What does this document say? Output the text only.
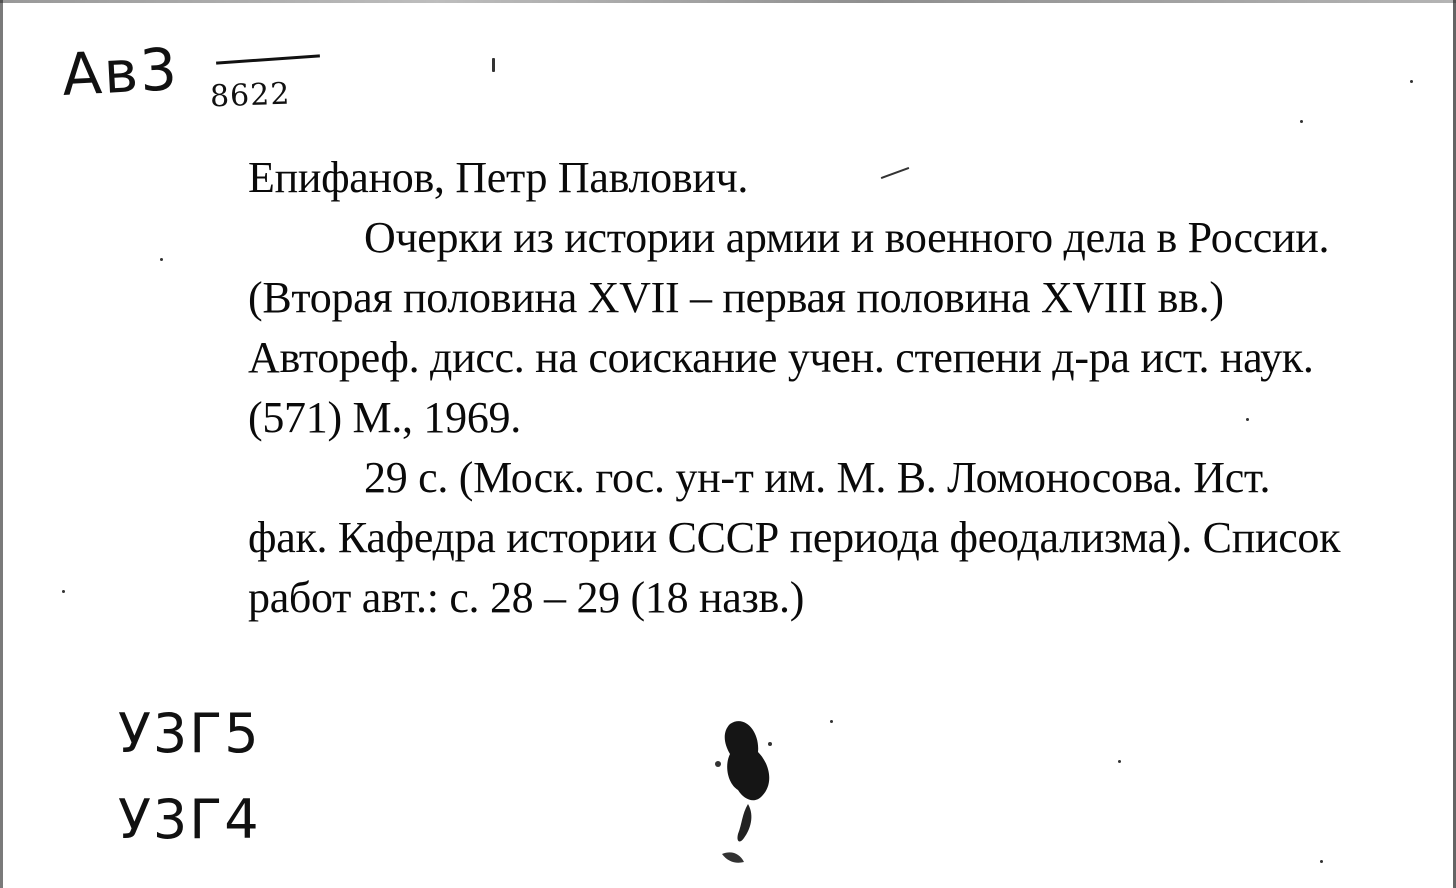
Ав3 8622

Епифанов, Петр Павлович.

Очерки из истории армии и военного дела в России. (Вторая половина XVII – первая половина XVIII вв.) Автореф. дисс. на соискание учен. степени д-ра ист. наук. (571) М., 1969.

29 с. (Моск. гос. ун-т им. М. В. Ломоносова. Ист. фак. Кафедра истории СССР периода феодализма). Список работ авт.: с. 28 – 29 (18 назв.)

У3Г5
У3Г4
